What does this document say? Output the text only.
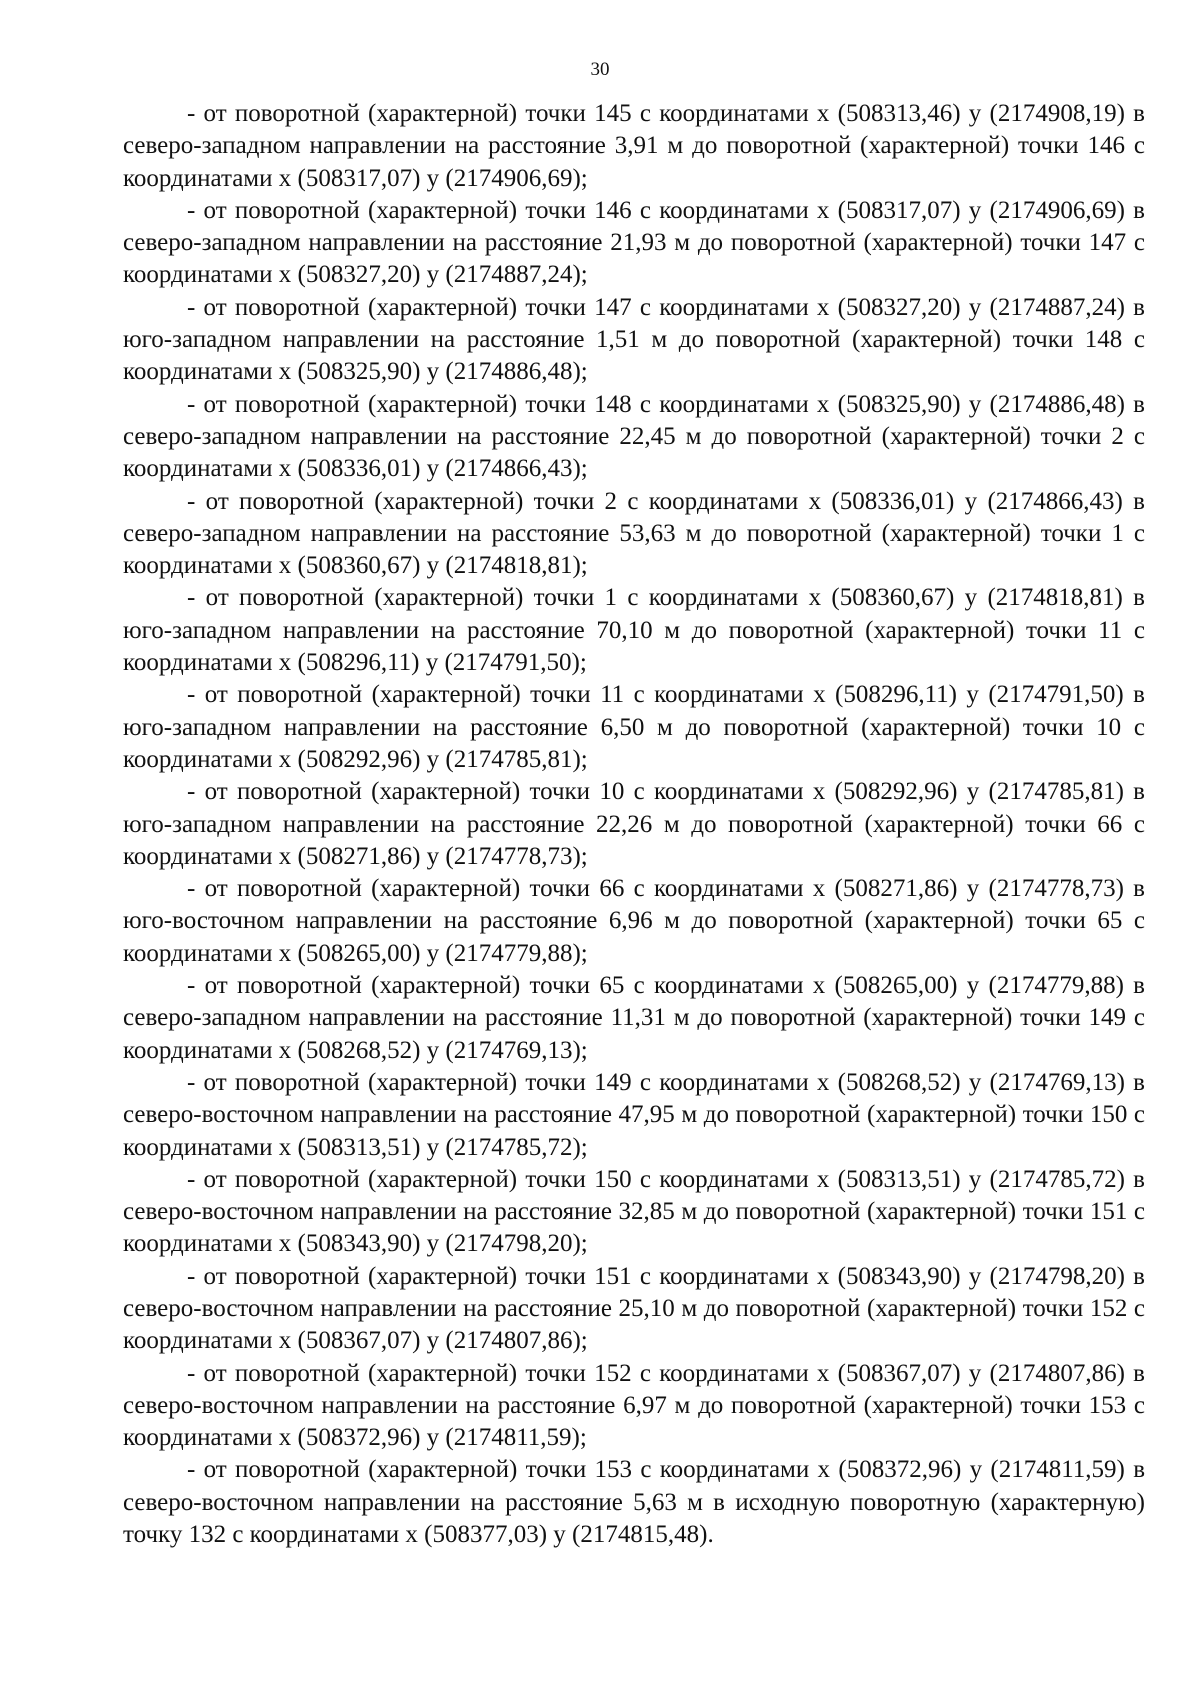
30

- от поворотной (характерной) точки 145 с координатами х (508313,46) у (2174908,19) в северо-западном направлении на расстояние 3,91 м до поворотной (характерной) точки 146 с координатами х (508317,07) у (2174906,69);

- от поворотной (характерной) точки 146 с координатами х (508317,07) у (2174906,69) в северо-западном направлении на расстояние 21,93 м до поворотной (характерной) точки 147 с координатами х (508327,20) у (2174887,24);

- от поворотной (характерной) точки 147 с координатами х (508327,20) у (2174887,24) в юго-западном направлении на расстояние 1,51 м до поворотной (характерной) точки 148 с координатами х (508325,90) у (2174886,48);

- от поворотной (характерной) точки 148 с координатами х (508325,90) у (2174886,48) в северо-западном направлении на расстояние 22,45 м до поворотной (характерной) точки 2 с координатами х (508336,01) у (2174866,43);

- от поворотной (характерной) точки 2 с координатами х (508336,01) у (2174866,43) в северо-западном направлении на расстояние 53,63 м до поворотной (характерной) точки 1 с координатами х (508360,67) у (2174818,81);

- от поворотной (характерной) точки 1 с координатами х (508360,67) у (2174818,81) в юго-западном направлении на расстояние 70,10 м до поворотной (характерной) точки 11 с координатами х (508296,11) у (2174791,50);

- от поворотной (характерной) точки 11 с координатами х (508296,11) у (2174791,50) в юго-западном направлении на расстояние 6,50 м до поворотной (характерной) точки 10 с координатами х (508292,96) у (2174785,81);

- от поворотной (характерной) точки 10 с координатами х (508292,96) у (2174785,81) в юго-западном направлении на расстояние 22,26 м до поворотной (характерной) точки 66 с координатами х (508271,86) у (2174778,73);

- от поворотной (характерной) точки 66 с координатами х (508271,86) у (2174778,73) в юго-восточном направлении на расстояние 6,96 м до поворотной (характерной) точки 65 с координатами х (508265,00) у (2174779,88);

- от поворотной (характерной) точки 65 с координатами х (508265,00) у (2174779,88) в северо-западном направлении на расстояние 11,31 м до поворотной (характерной) точки 149 с координатами х (508268,52) у (2174769,13);

- от поворотной (характерной) точки 149 с координатами х (508268,52) у (2174769,13) в северо-восточном направлении на расстояние 47,95 м до поворотной (характерной) точки 150 с координатами х (508313,51) у (2174785,72);

- от поворотной (характерной) точки 150 с координатами х (508313,51) у (2174785,72) в северо-восточном направлении на расстояние 32,85 м до поворотной (характерной) точки 151 с координатами х (508343,90) у (2174798,20);

- от поворотной (характерной) точки 151 с координатами х (508343,90) у (2174798,20) в северо-восточном направлении на расстояние 25,10 м до поворотной (характерной) точки 152 с координатами х (508367,07) у (2174807,86);

- от поворотной (характерной) точки 152 с координатами х (508367,07) у (2174807,86) в северо-восточном направлении на расстояние 6,97 м до поворотной (характерной) точки 153 с координатами х (508372,96) у (2174811,59);

- от поворотной (характерной) точки 153 с координатами х (508372,96) у (2174811,59) в северо-восточном направлении на расстояние 5,63 м в исходную поворотную (характерную) точку 132 с координатами х (508377,03) у (2174815,48).
